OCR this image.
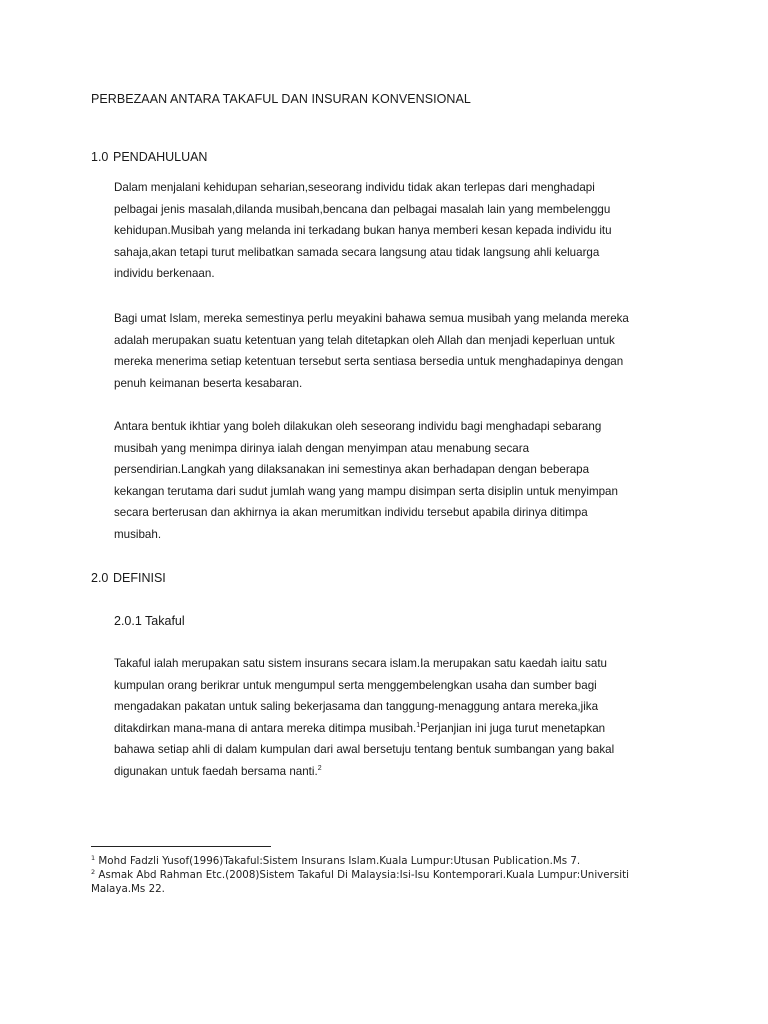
PERBEZAAN ANTARA TAKAFUL DAN INSURAN KONVENSIONAL
1.0 PENDAHULUAN
Dalam menjalani kehidupan seharian,seseorang individu tidak akan terlepas dari menghadapi
pelbagai jenis masalah,dilanda musibah,bencana dan pelbagai masalah lain yang membelenggu
kehidupan.Musibah yang melanda ini terkadang bukan hanya memberi kesan kepada individu itu
sahaja,akan tetapi turut melibatkan samada secara langsung atau tidak langsung ahli keluarga
individu berkenaan.
Bagi umat Islam, mereka semestinya perlu meyakini bahawa semua musibah yang melanda mereka
adalah merupakan suatu ketentuan yang telah ditetapkan oleh Allah dan menjadi keperluan untuk
mereka menerima setiap ketentuan tersebut serta sentiasa bersedia untuk menghadapinya dengan
penuh keimanan beserta kesabaran.
Antara bentuk ikhtiar yang boleh dilakukan oleh seseorang individu bagi menghadapi sebarang
musibah yang menimpa dirinya ialah dengan menyimpan atau menabung secara
persendirian.Langkah yang dilaksanakan ini semestinya akan berhadapan dengan beberapa
kekangan terutama dari sudut jumlah wang yang mampu disimpan serta disiplin untuk menyimpan
secara berterusan dan akhirnya ia akan merumitkan individu tersebut apabila dirinya ditimpa
musibah.
2.0 DEFINISI
2.0.1 Takaful
Takaful ialah merupakan satu sistem insurans secara islam.Ia merupakan satu kaedah iaitu satu
kumpulan orang berikrar untuk mengumpul serta menggembelengkan usaha dan sumber bagi
mengadakan pakatan untuk saling bekerjasama dan tanggung-menaggung antara mereka,jika
ditakdirkan mana-mana di antara mereka ditimpa musibah.$^1$Perjanjian ini juga turut menetapkan
bahawa setiap ahli di dalam kumpulan dari awal bersetuju tentang bentuk sumbangan yang bakal
digunakan untuk faedah bersama nanti.$^2$
$^1$ Mohd Fadzli Yusof(1996)Takaful:Sistem Insurans Islam.Kuala Lumpur:Utusan Publication.Ms 7.
$^2$ Asmak Abd Rahman Etc.(2008)Sistem Takaful Di Malaysia:Isi-Isu Kontemporari.Kuala Lumpur:Universiti
Malaya.Ms 22.
